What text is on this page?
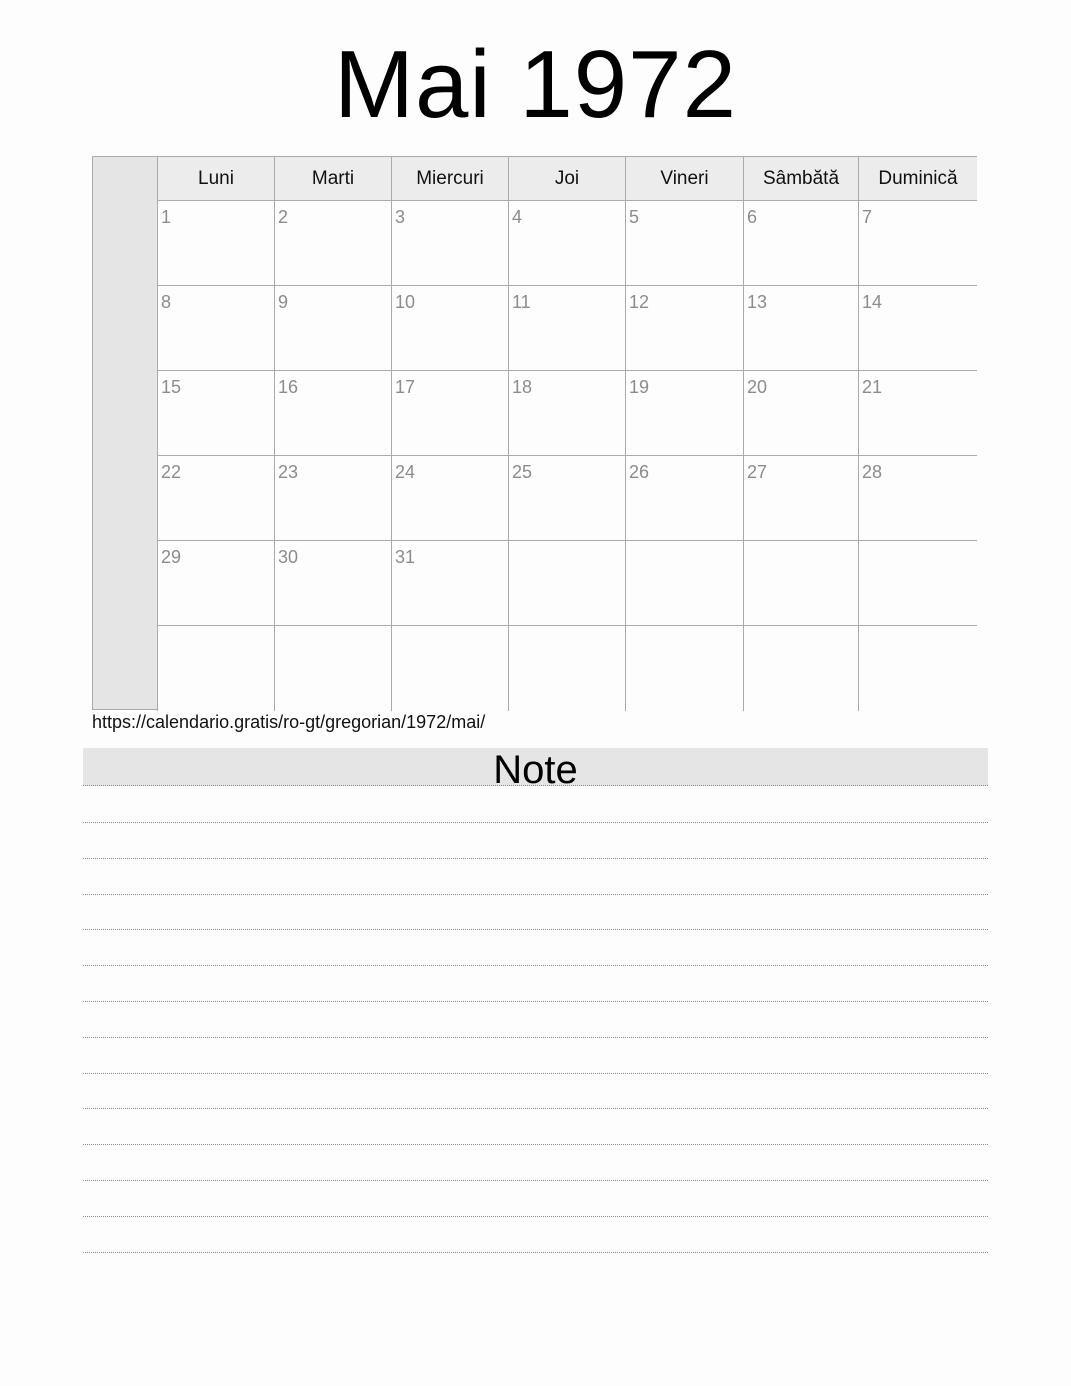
Mai 1972
Luni	Marti	Miercuri	Joi	Vineri	Sâmbătă	Duminică
1	2	3	4	5	6	7
8	9	10	11	12	13	14
15	16	17	18	19	20	21
22	23	24	25	26	27	28
29	30	31
https://calendario.gratis/ro-gt/gregorian/1972/mai/
Note
